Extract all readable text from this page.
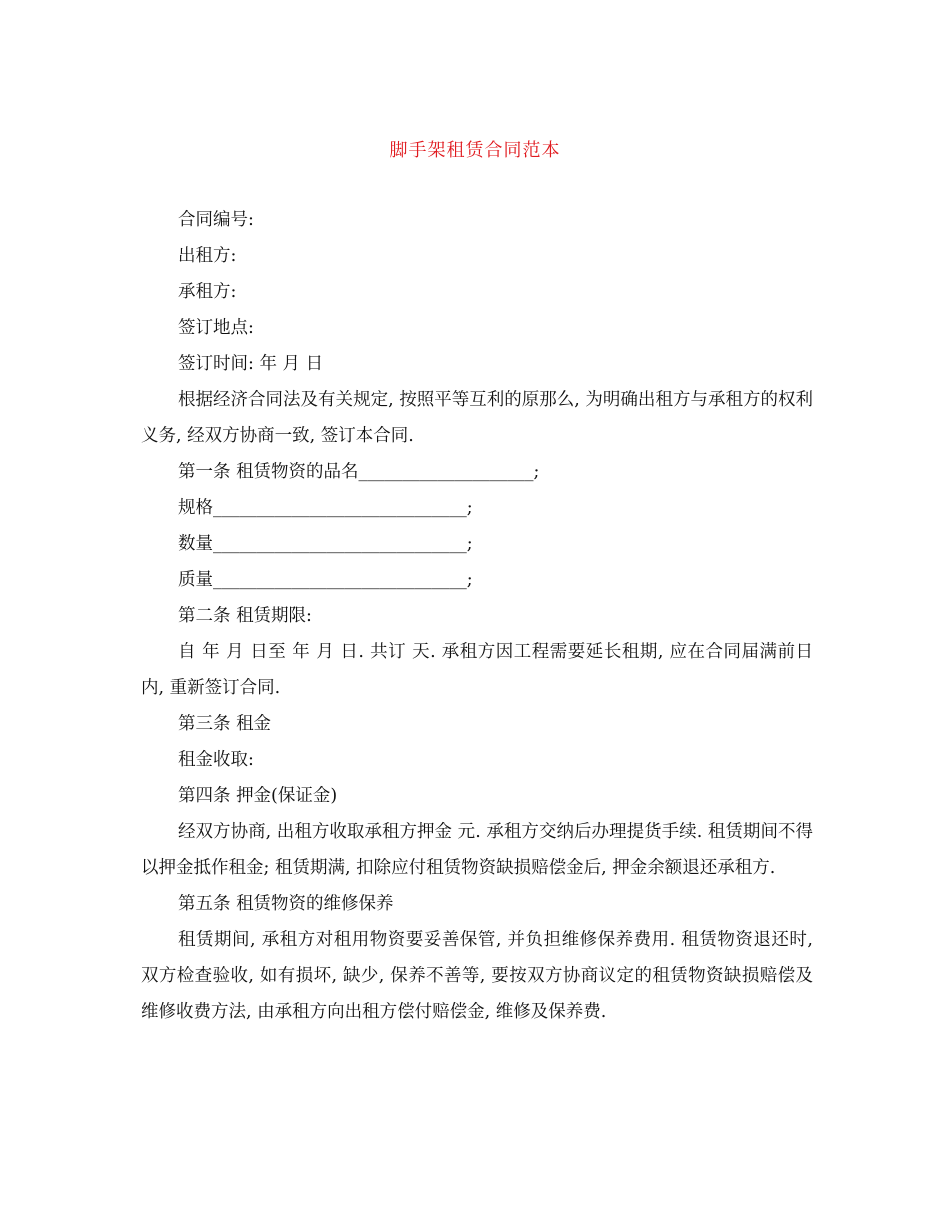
脚手架租赁合同范本

合同编号:

出租方:

承租方:

签订地点:

签订时间: 年 月 日

根据经济合同法及有关规定, 按照平等互利的原那么, 为明确出租方与承租方的权利义务, 经双方协商一致, 签订本合同.

第一条 租赁物资的品名____________________;

规格_____________________________;

数量_____________________________;

质量_____________________________;

第二条 租赁期限:

自 年 月 日至 年 月 日. 共订 天. 承租方因工程需要延长租期, 应在合同届满前日内, 重新签订合同.

第三条 租金

租金收取:

第四条 押金(保证金)

经双方协商, 出租方收取承租方押金 元. 承租方交纳后办理提货手续. 租赁期间不得以押金抵作租金; 租赁期满, 扣除应付租赁物资缺损赔偿金后, 押金余额退还承租方.

第五条 租赁物资的维修保养

租赁期间, 承租方对租用物资要妥善保管, 并负担维修保养费用. 租赁物资退还时, 双方检查验收, 如有损坏, 缺少, 保养不善等, 要按双方协商议定的租赁物资缺损赔偿及维修收费方法, 由承租方向出租方偿付赔偿金, 维修及保养费.
